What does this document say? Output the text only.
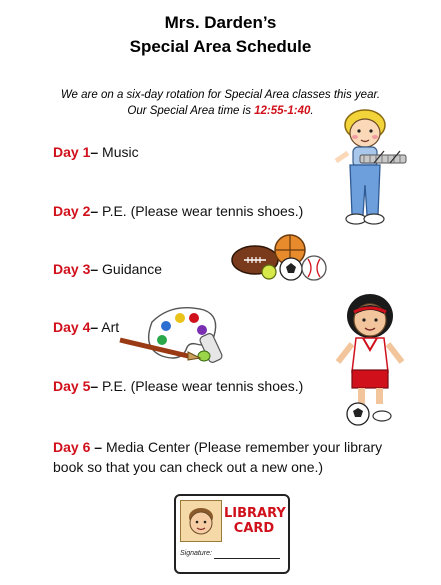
Mrs. Darden’s
Special Area Schedule
We are on a six-day rotation for Special Area classes this year.
Our Special Area time is 12:55-1:40.
Day 1– Music
Day 2– P.E. (Please wear tennis shoes.)
Day 3– Guidance
Day 4– Art
Day 5– P.E. (Please wear tennis shoes.)
Day 6 – Media Center (Please remember your library book so that you can check out a new one.)
LIBRARY
CARD
Signature:
